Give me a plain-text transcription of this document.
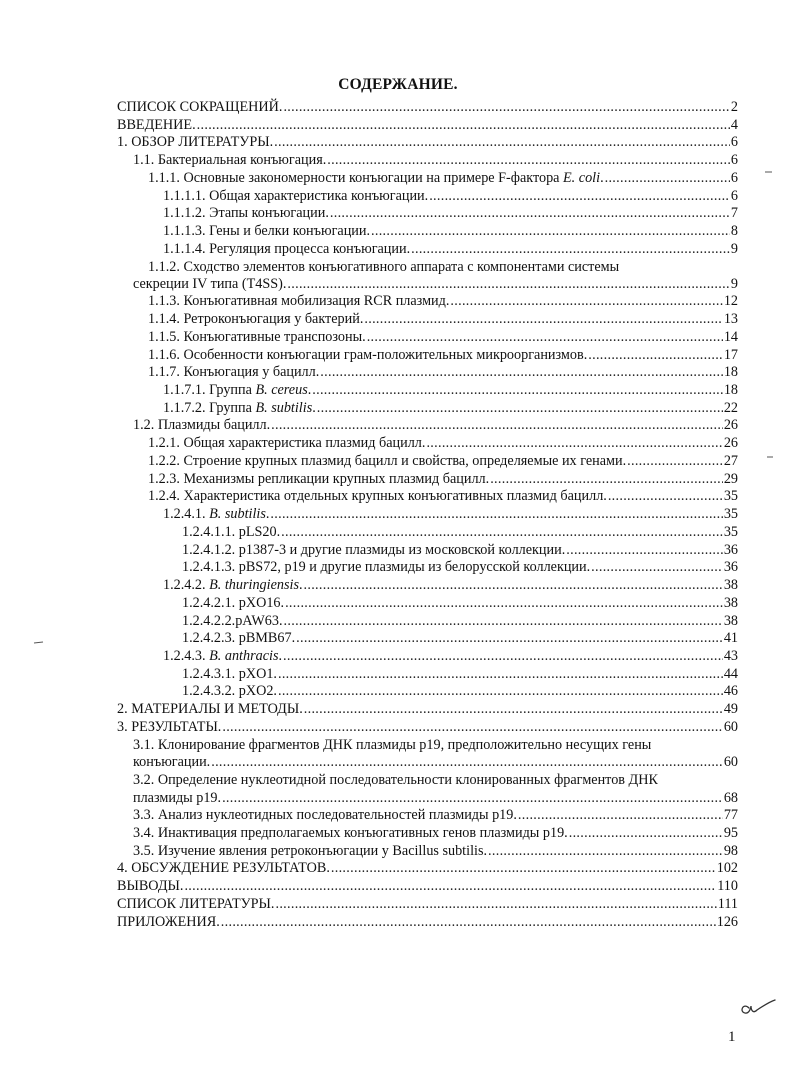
СОДЕРЖАНИЕ.
СПИСОК СОКРАЩЕНИЙ. .....	2
ВВЕДЕНИЕ. .....	4
1. ОБЗОР ЛИТЕРАТУРЫ. .....	6
1.1. Бактериальная конъюгация. .....	6
1.1.1. Основные закономерности конъюгации на примере F-фактора E. coli. .....	6
1.1.1.1. Общая характеристика конъюгации. .....	6
1.1.1.2. Этапы конъюгации. .....	7
1.1.1.3. Гены и белки конъюгации. .....	8
1.1.1.4. Регуляция процесса конъюгации. .....	9
1.1.2. Сходство элементов конъюгативного аппарата с компонентами системы
секреции IV типа (T4SS). .....	9
1.1.3. Конъюгативная мобилизация RCR плазмид. .....	12
1.1.4. Ретроконъюгация у бактерий. .....	13
1.1.5. Конъюгативные транспозоны. .....	14
1.1.6. Особенности конъюгации грам-положительных микроорганизмов. .....	17
1.1.7. Конъюгация у бацилл. .....	18
1.1.7.1. Группа B. cereus. .....	18
1.1.7.2. Группа B. subtilis. .....	22
1.2. Плазмиды бацилл. .....	26
1.2.1. Общая характеристика плазмид бацилл. .....	26
1.2.2. Строение крупных плазмид бацилл и свойства, определяемые их генами. .....	27
1.2.3. Механизмы репликации крупных плазмид бацилл. .....	29
1.2.4. Характеристика отдельных крупных конъюгативных плазмид бацилл. .....	35
1.2.4.1. B. subtilis. .....	35
1.2.4.1.1. pLS20. .....	35
1.2.4.1.2. p1387-3 и другие плазмиды из московской коллекции. .....	36
1.2.4.1.3. pBS72, p19 и другие плазмиды из белорусской коллекции. .....	36
1.2.4.2. B. thuringiensis. .....	38
1.2.4.2.1. pXO16. .....	38
1.2.4.2.2.pAW63. .....	38
1.2.4.2.3. pBMB67. .....	41
1.2.4.3. B. anthracis. .....	43
1.2.4.3.1. pXO1. .....	44
1.2.4.3.2. pXO2. .....	46
2. МАТЕРИАЛЫ И МЕТОДЫ. .....	49
3. РЕЗУЛЬТАТЫ. .....	60
3.1. Клонирование фрагментов ДНК плазмиды p19, предположительно несущих гены
конъюгации. .....	60
3.2. Определение нуклеотидной последовательности клонированных фрагментов ДНК
плазмиды p19. .....	68
3.3. Анализ нуклеотидных последовательностей плазмиды p19. .....	77
3.4. Инактивация предполагаемых конъюгативных генов плазмиды p19. .....	95
3.5. Изучение явления ретроконъюгации у Bacillus subtilis. .....	98
4. ОБСУЖДЕНИЕ РЕЗУЛЬТАТОВ. .....	102
ВЫВОДЫ. .....	110
СПИСОК ЛИТЕРАТУРЫ. .....	111
ПРИЛОЖЕНИЯ. .....	126
1
